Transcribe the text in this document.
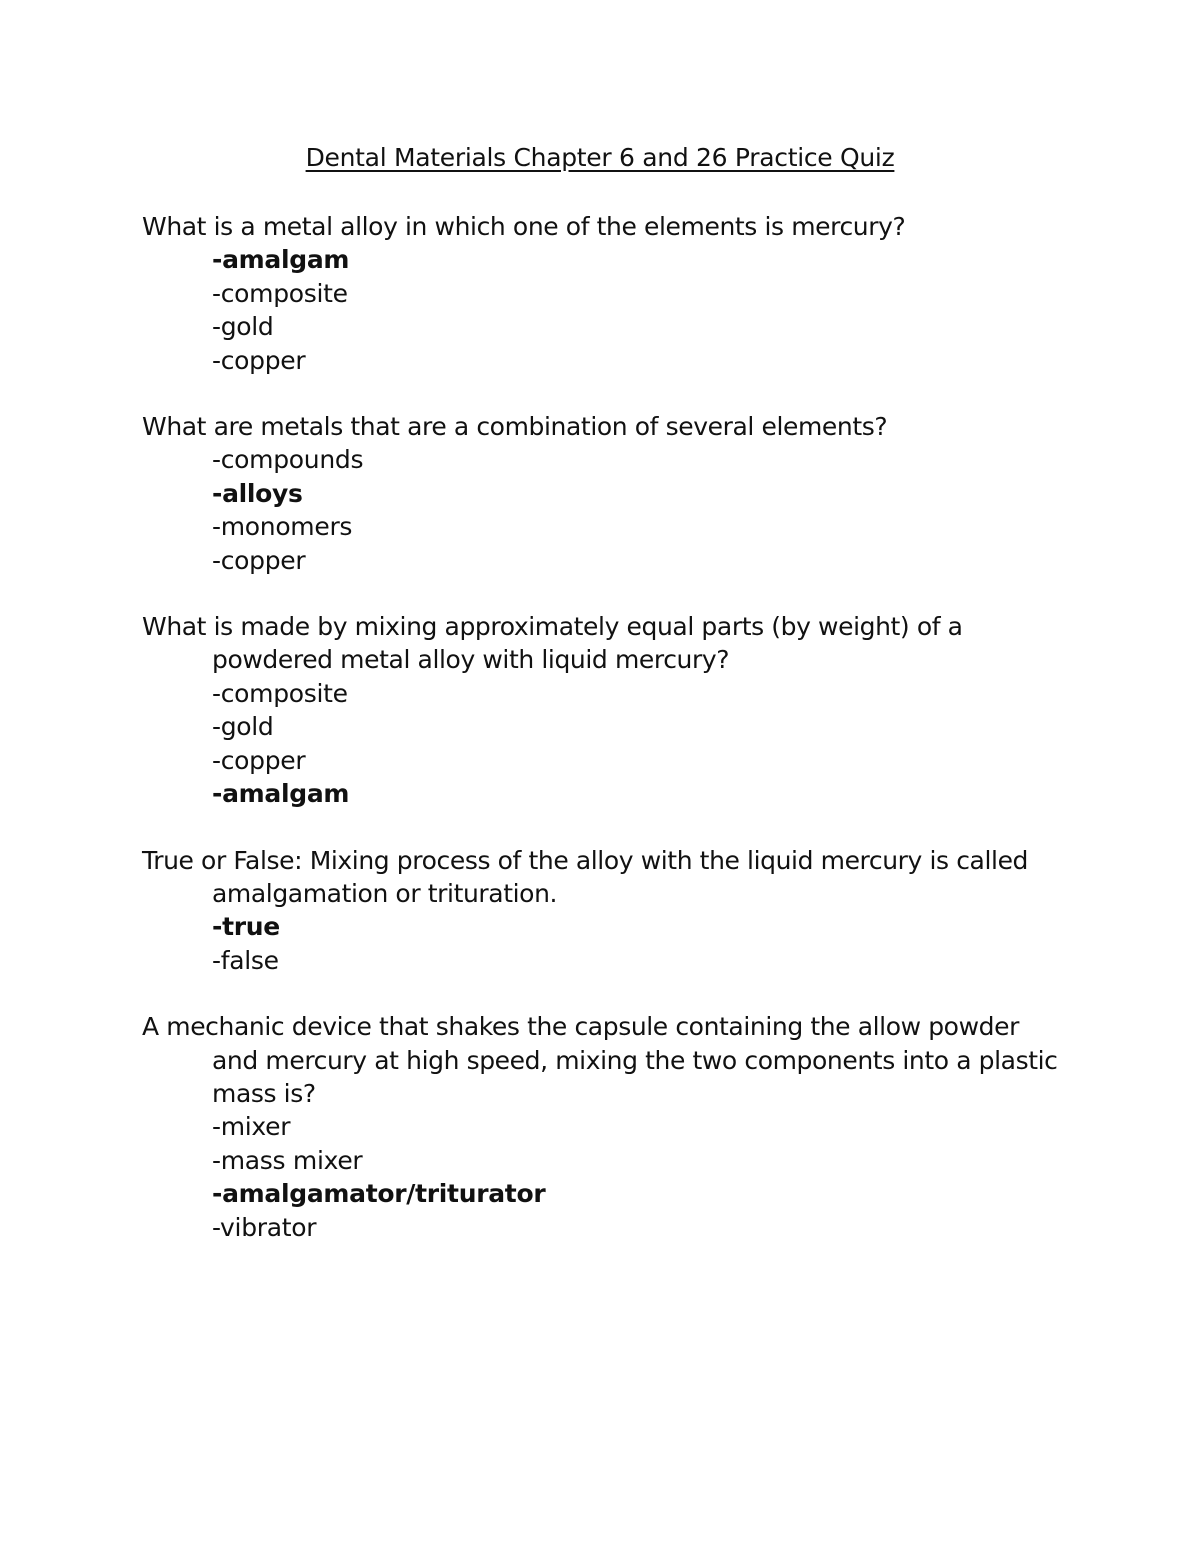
Dental Materials Chapter 6 and 26 Practice Quiz

What is a metal alloy in which one of the elements is mercury?

-amalgam
-composite
-gold
-copper

What are metals that are a combination of several elements?

-compounds
-alloys
-monomers
-copper

What is made by mixing approximately equal parts (by weight) of a powdered metal alloy with liquid mercury?

-composite
-gold
-copper
-amalgam

True or False: Mixing process of the alloy with the liquid mercury is called amalgamation or trituration.

-true
-false

A mechanic device that shakes the capsule containing the allow powder and mercury at high speed, mixing the two components into a plastic mass is?

-mixer
-mass mixer
-amalgamator/triturator
-vibrator
